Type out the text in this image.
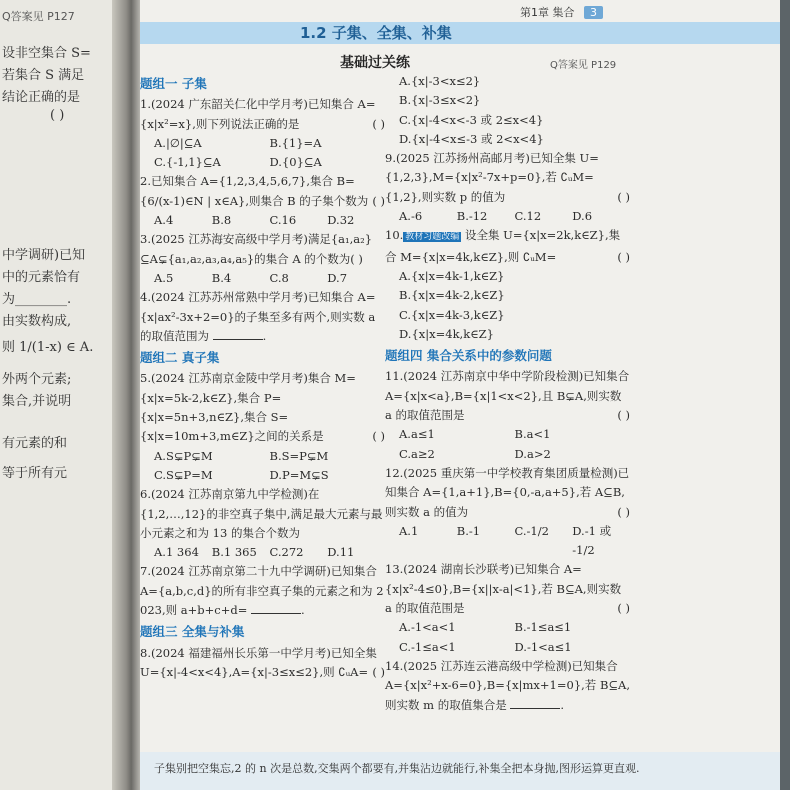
Q答案见 P127
设非空集合 S=
若集合 S 满足
结论正确的是
( )
中学调研)已知
中的元素恰有
为________.
由实数构成,
则 1/(1-x) ∈ A.
外两个元素;
集合,并说明
有元素的和
等于所有元
第1章 集合 3
1.2 子集、全集、补集
基础过关练	Q答案见 P129
题组一 子集
1.(2024 广东韶关仁化中学月考)已知集合 A={x|x²=x},则下列说法正确的是	( )
A.|∅|⊆A	B.{1}=A
C.{-1,1}⊆A	D.{0}⊆A
2.已知集合 A={1,2,3,4,5,6,7},集合 B={6/(x-1)∈N | x∈A},则集合 B 的子集个数为 ( )
A.4	B.8	C.16	D.32
3.(2025 江苏海安高级中学月考)满足{a₁,a₂}⊆A⊊{a₁,a₂,a₃,a₄,a₅}的集合 A 的个数为( )
A.5	B.4	C.8	D.7
4.(2024 江苏苏州常熟中学月考)已知集合 A={x|ax²-3x+2=0}的子集至多有两个,则实数 a 的取值范围为	.
题组二 真子集
5.(2024 江苏南京金陵中学月考)集合 M={x|x=5k-2,k∈Z},集合 P={x|x=5n+3,n∈Z},集合 S={x|x=10m+3,m∈Z}之间的关系是	( )
A.S⊊P⊊M	B.S=P⊊M
C.S⊊P=M	D.P=M⊊S
6.(2024 江苏南京第九中学检测)在{1,2,…,12}的非空真子集中,满足最大元素与最小元素之和为 13 的集合个数为
A.1 364	B.1 365	C.272	D.11
7.(2024 江苏南京第二十九中学调研)已知集合 A={a,b,c,d}的所有非空真子集的元素之和为 2 023,则 a+b+c+d=	.
题组三 全集与补集
8.(2024 福建福州长乐第一中学月考)已知全集 U={x|-4<x<4},A={x|-3≤x≤2},则 ∁ᵤA= ( )
A.{x|-3<x≤2}
B.{x|-3≤x<2}
C.{x|-4<x<-3 或 2≤x<4}
D.{x|-4<x≤-3 或 2<x<4}
9.(2025 江苏扬州高邮月考)已知全集 U={1,2,3},M={x|x²-7x+p=0},若 ∁ᵤM={1,2},则实数 p 的值为	( )
A.-6	B.-12	C.12	D.6
10. 教材习题改编 设全集 U={x|x=2k,k∈Z},集合 M={x|x=4k,k∈Z},则 ∁ᵤM=	( )
A.{x|x=4k-1,k∈Z}
B.{x|x=4k-2,k∈Z}
C.{x|x=4k-3,k∈Z}
D.{x|x=4k,k∈Z}
题组四 集合关系中的参数问题
11.(2024 江苏南京中华中学阶段检测)已知集合 A={x|x<a},B={x|1<x<2},且 B⊊A,则实数 a 的取值范围是	( )
A.a≤1	B.a<1
C.a≥2	D.a>2
12.(2025 重庆第一中学校教育集团质量检测)已知集合 A={1,a+1},B={0,-a,a+5},若 A⊆B,则实数 a 的值为	( )
A.1	B.-1	C.-1/2	D.-1 或 -1/2
13.(2024 湖南长沙联考)已知集合 A={x|x²-4≤0},B={x||x-a|<1},若 B⊆A,则实数 a 的取值范围是	( )
A.-1<a<1	B.-1≤a≤1
C.-1≤a<1	D.-1<a≤1
14.(2025 江苏连云港高级中学检测)已知集合 A={x|x²+x-6=0},B={x|mx+1=0},若 B⊆A,则实数 m 的取值集合是	.
子集别把空集忘,2 的 n 次是总数,交集两个都要有,并集沾边就能行,补集全把本身抛,图形运算更直观.
